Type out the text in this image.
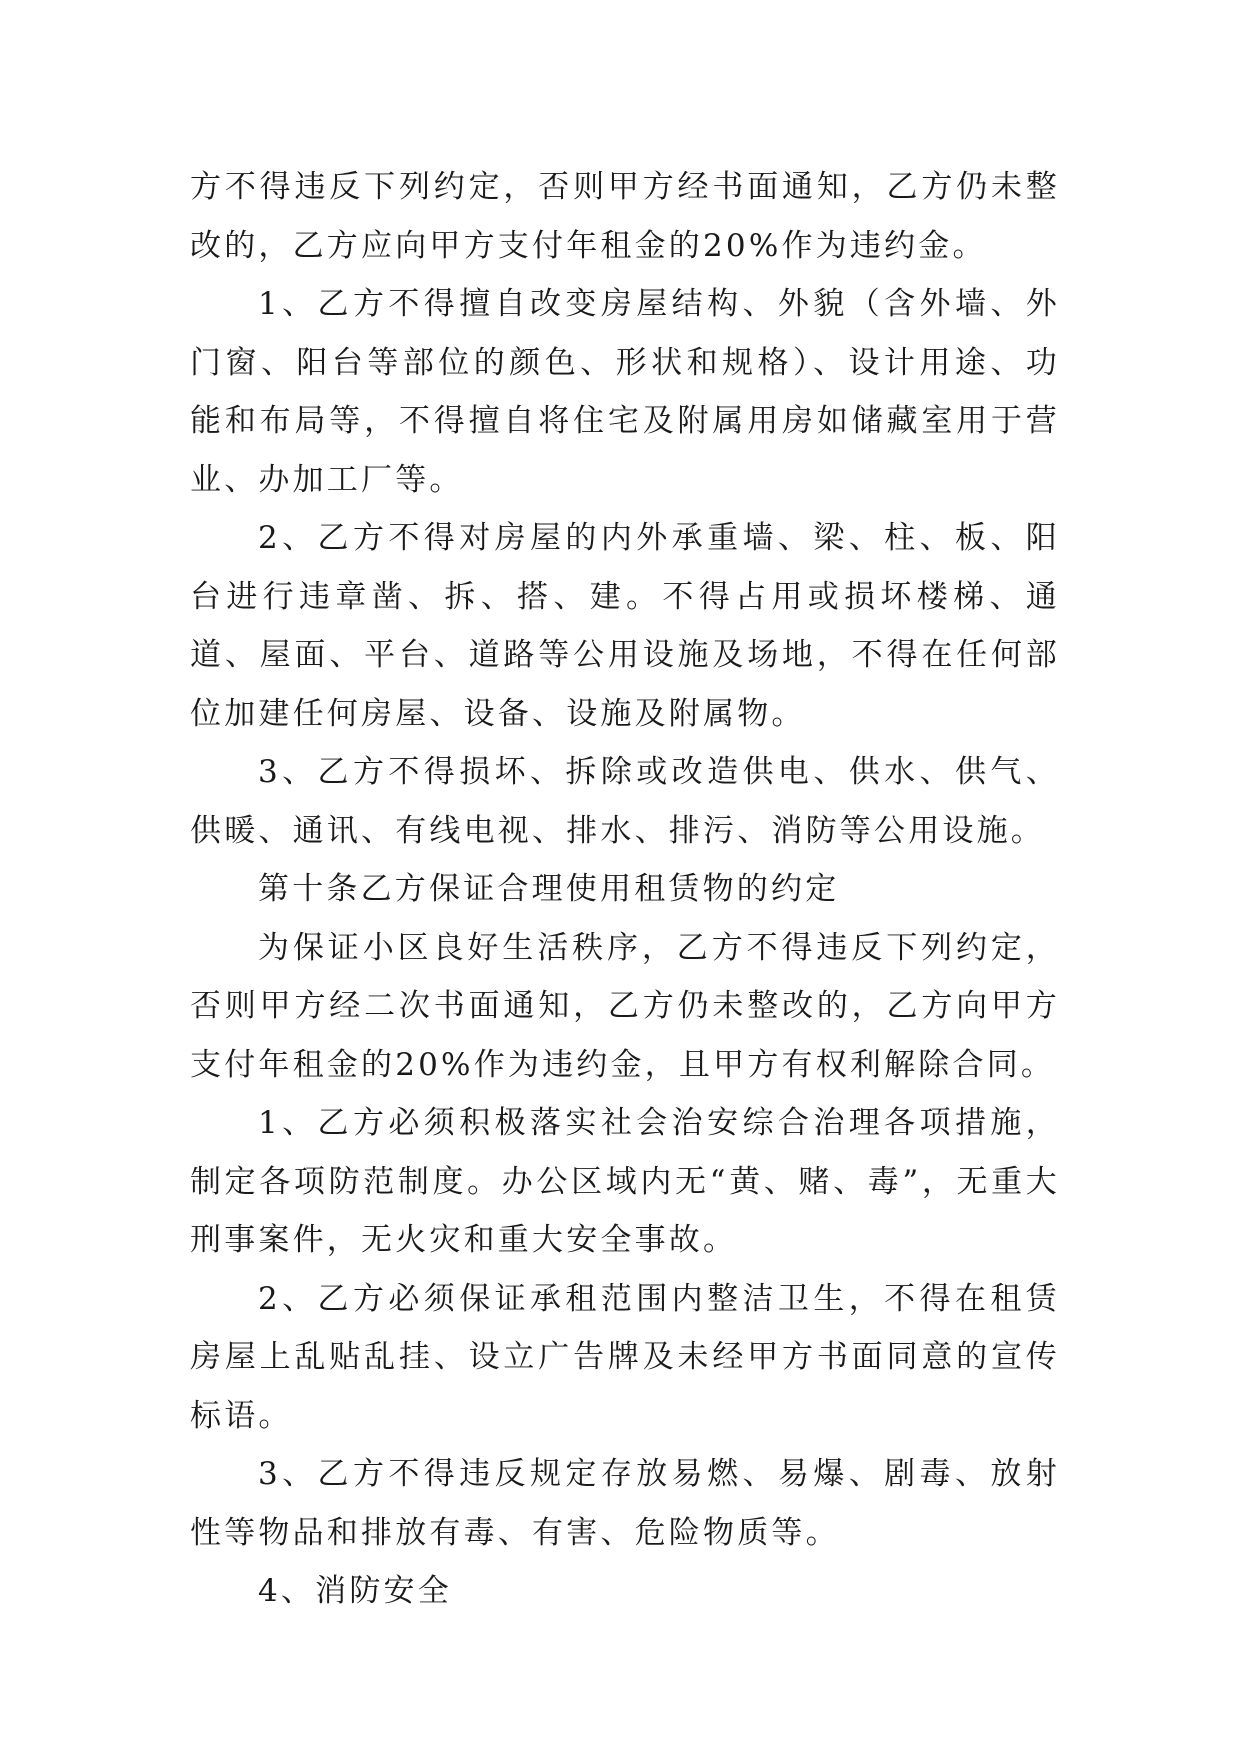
方不得违反下列约定，否则甲方经书面通知，乙方仍未整改的，乙方应向甲方支付年租金的20%作为违约金。

1、乙方不得擅自改变房屋结构、外貌（含外墙、外门窗、阳台等部位的颜色、形状和规格）、设计用途、功能和布局等，不得擅自将住宅及附属用房如储藏室用于营业、办加工厂等。

2、乙方不得对房屋的内外承重墙、梁、柱、板、阳台进行违章凿、拆、搭、建。不得占用或损坏楼梯、通道、屋面、平台、道路等公用设施及场地，不得在任何部位加建任何房屋、设备、设施及附属物。

3、乙方不得损坏、拆除或改造供电、供水、供气、供暖、通讯、有线电视、排水、排污、消防等公用设施。

第十条乙方保证合理使用租赁物的约定

为保证小区良好生活秩序，乙方不得违反下列约定，否则甲方经二次书面通知，乙方仍未整改的，乙方向甲方支付年租金的20%作为违约金，且甲方有权利解除合同。

1、乙方必须积极落实社会治安综合治理各项措施，制定各项防范制度。办公区域内无“黄、赌、毒”，无重大刑事案件，无火灾和重大安全事故。

2、乙方必须保证承租范围内整洁卫生，不得在租赁房屋上乱贴乱挂、设立广告牌及未经甲方书面同意的宣传标语。

3、乙方不得违反规定存放易燃、易爆、剧毒、放射性等物品和排放有毒、有害、危险物质等。

4、消防安全
